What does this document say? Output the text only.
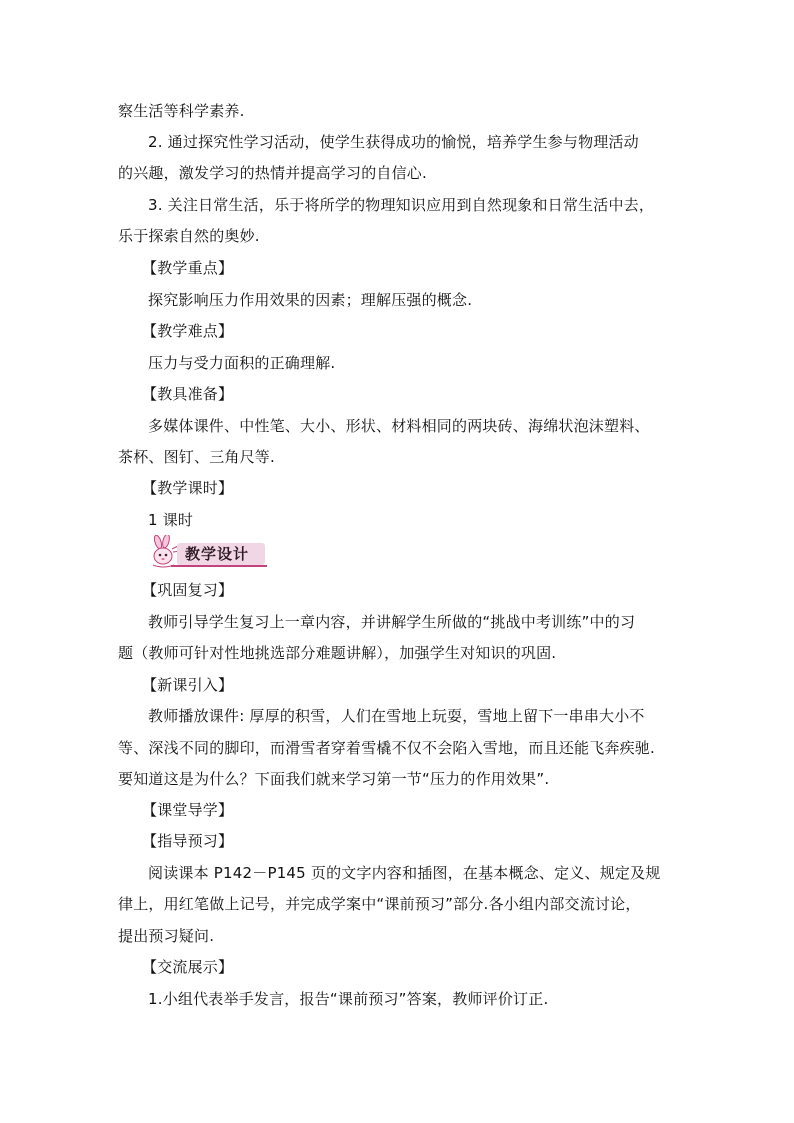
察生活等科学素养.
2. 通过探究性学习活动，使学生获得成功的愉悦，培养学生参与物理活动
的兴趣，激发学习的热情并提高学习的自信心.
3. 关注日常生活，乐于将所学的物理知识应用到自然现象和日常生活中去，
乐于探索自然的奥妙.
【教学重点】
探究影响压力作用效果的因素；理解压强的概念.
【教学难点】
压力与受力面积的正确理解.
【教具准备】
多媒体课件、中性笔、大小、形状、材料相同的两块砖、海绵状泡沫塑料、
茶杯、图钉、三角尺等.
【教学课时】
1 课时
教学设计
【巩固复习】
教师引导学生复习上一章内容，并讲解学生所做的“挑战中考训练”中的习
题（教师可针对性地挑选部分难题讲解），加强学生对知识的巩固.
【新课引入】
教师播放课件: 厚厚的积雪，人们在雪地上玩耍，雪地上留下一串串大小不
等、深浅不同的脚印，而滑雪者穿着雪橇不仅不会陷入雪地，而且还能飞奔疾驰.
要知道这是为什么？下面我们就来学习第一节“压力的作用效果”.
【课堂导学】
【指导预习】
阅读课本 P142－P145 页的文字内容和插图，在基本概念、定义、规定及规
律上，用红笔做上记号，并完成学案中“课前预习”部分.各小组内部交流讨论，
提出预习疑问.
【交流展示】
1.小组代表举手发言，报告“课前预习”答案，教师评价订正.
